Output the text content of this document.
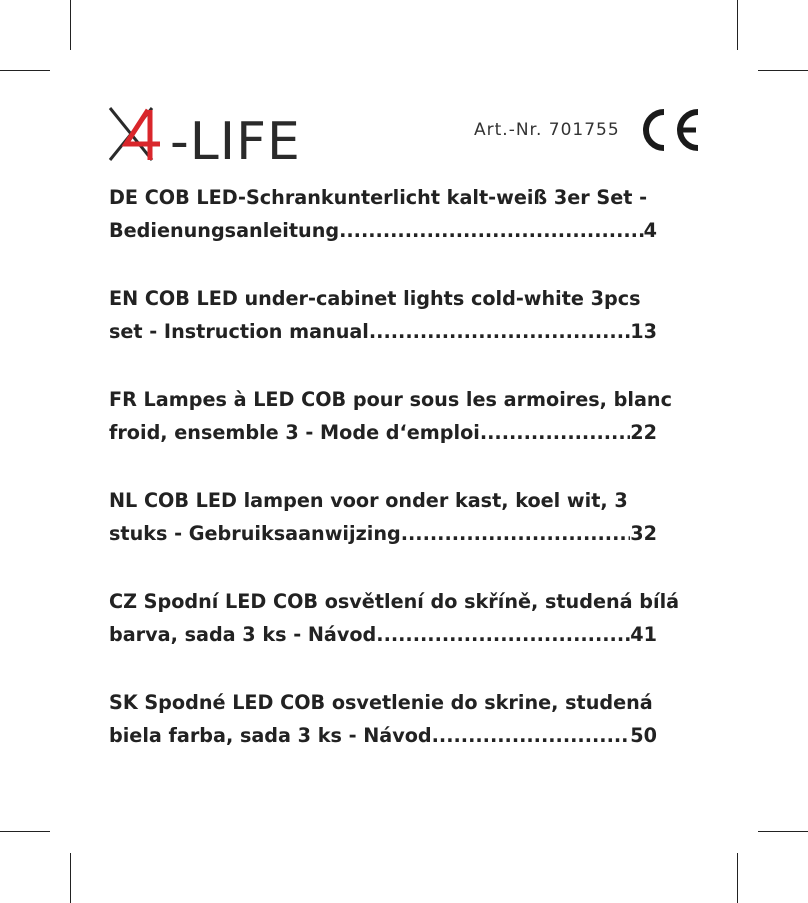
-LIFE	Art.-Nr. 701755
DE COB LED-Schrankunterlicht kalt-weiß 3er Set -
Bedienungsanleitung .....	4
EN COB LED under-cabinet lights cold-white 3pcs
set - Instruction manual .....	13
FR Lampes à LED COB pour sous les armoires, blanc
froid, ensemble 3 - Mode d‘emploi .....	22
NL COB LED lampen voor onder kast, koel wit, 3
stuks - Gebruiksaanwijzing .....	32
CZ Spodní LED COB osvětlení do skříně, studená bílá
barva, sada 3 ks - Návod .....	41
SK Spodné LED COB osvetlenie do skrine, studená
biela farba, sada 3 ks - Návod .....	50
